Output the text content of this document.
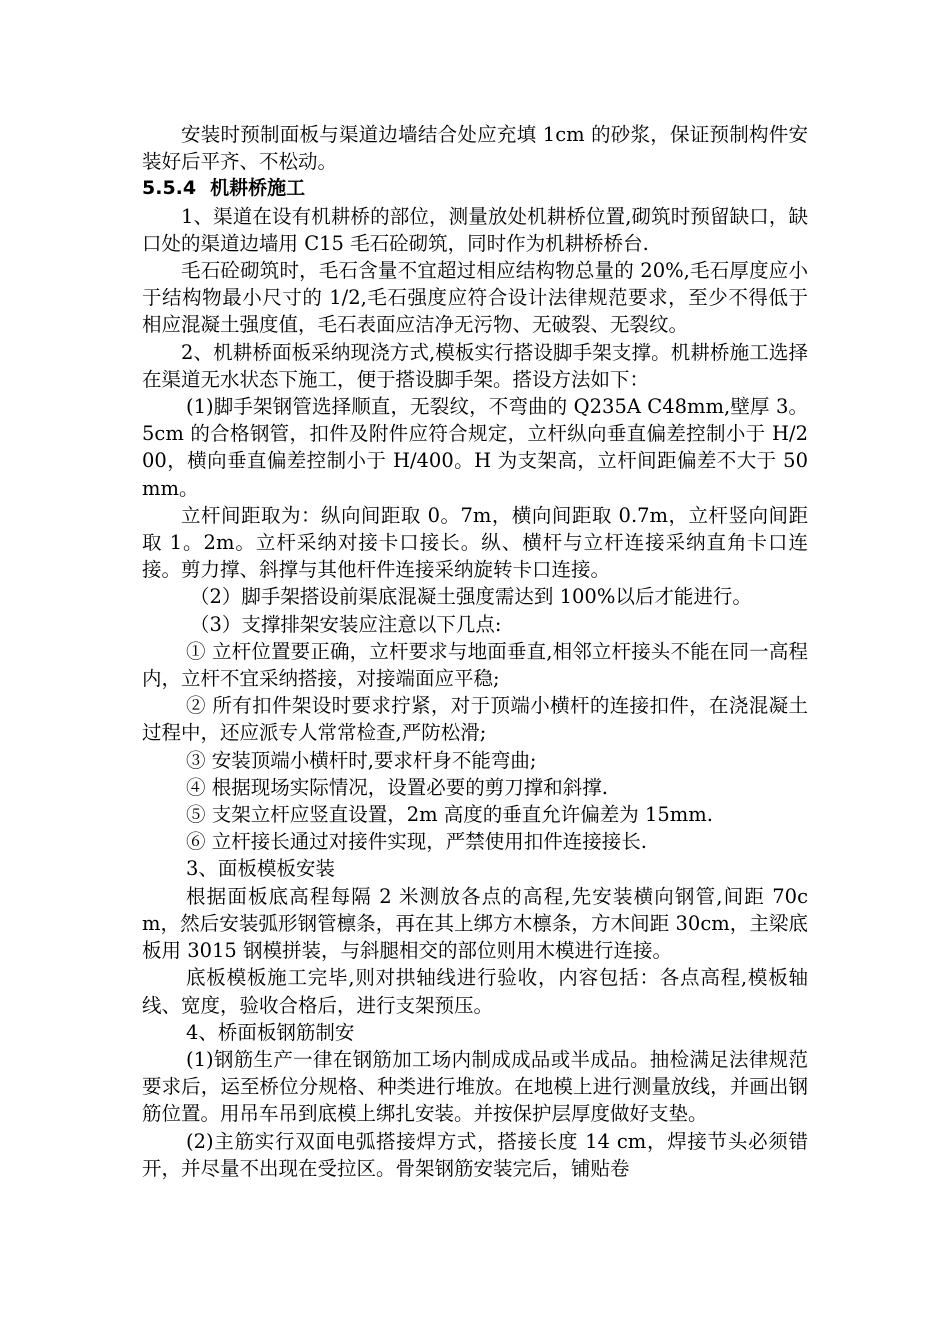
安装时预制面板与渠道边墙结合处应充填 1cm 的砂浆，保证预制构件安装好后平齐、不松动。

5.5.4 机耕桥施工

1、渠道在设有机耕桥的部位，测量放处机耕桥位置,砌筑时预留缺口，缺口处的渠道边墙用 C15 毛石砼砌筑，同时作为机耕桥桥台.

毛石砼砌筑时，毛石含量不宜超过相应结构物总量的 20%,毛石厚度应小于结构物最小尺寸的 1/2,毛石强度应符合设计法律规范要求，至少不得低于相应混凝土强度值，毛石表面应洁净无污物、无破裂、无裂纹。

2、机耕桥面板采纳现浇方式,模板实行搭设脚手架支撑。机耕桥施工选择在渠道无水状态下施工，便于搭设脚手架。搭设方法如下：

(1)脚手架钢管选择顺直，无裂纹，不弯曲的 Q235A C48mm,壁厚 3。5cm 的合格钢管，扣件及附件应符合规定，立杆纵向垂直偏差控制小于 H/200，横向垂直偏差控制小于 H/400。H 为支架高，立杆间距偏差不大于 50mm。

立杆间距取为：纵向间距取 0。7m，横向间距取 0.7m，立杆竖向间距取 1。2m。立杆采纳对接卡口接长。纵、横杆与立杆连接采纳直角卡口连接。剪力撑、斜撑与其他杆件连接采纳旋转卡口连接。

（2）脚手架搭设前渠底混凝土强度需达到 100%以后才能进行。

（3）支撑排架安装应注意以下几点:

① 立杆位置要正确，立杆要求与地面垂直,相邻立杆接头不能在同一高程内，立杆不宜采纳搭接，对接端面应平稳;

② 所有扣件架设时要求拧紧，对于顶端小横杆的连接扣件，在浇混凝土过程中，还应派专人常常检查,严防松滑;

③ 安装顶端小横杆时,要求杆身不能弯曲;

④ 根据现场实际情况，设置必要的剪刀撑和斜撑.

⑤ 支架立杆应竖直设置，2m 高度的垂直允许偏差为 15mm.

⑥ 立杆接长通过对接件实现，严禁使用扣件连接接长.

3、面板模板安装

根据面板底高程每隔 2 米测放各点的高程,先安装横向钢管,间距 70cm，然后安装弧形钢管檩条，再在其上绑方木檩条，方木间距 30cm，主梁底板用 3015 钢模拼装，与斜腿相交的部位则用木模进行连接。

底板模板施工完毕,则对拱轴线进行验收，内容包括：各点高程,模板轴线、宽度，验收合格后，进行支架预压。

4、桥面板钢筋制安

(1)钢筋生产一律在钢筋加工场内制成成品或半成品。抽检满足法律规范要求后，运至桥位分规格、种类进行堆放。在地模上进行测量放线，并画出钢筋位置。用吊车吊到底模上绑扎安装。并按保护层厚度做好支垫。

(2)主筋实行双面电弧搭接焊方式，搭接长度 14 cm，焊接节头必须错开，并尽量不出现在受拉区。骨架钢筋安装完后，铺贴卷
